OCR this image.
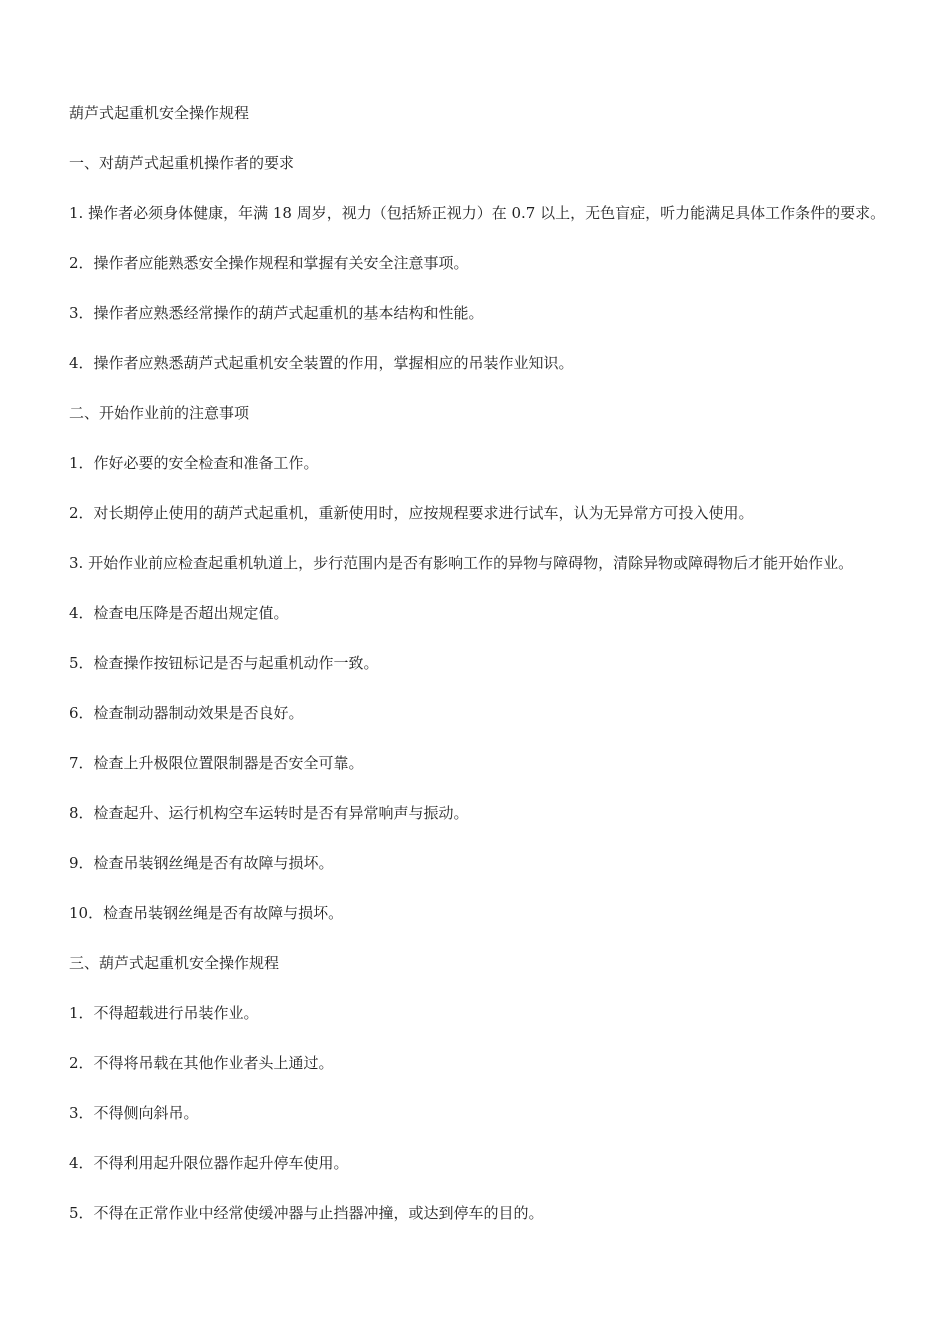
葫芦式起重机安全操作规程

一、对葫芦式起重机操作者的要求

1. 操作者必须身体健康，年满 18 周岁，视力（包括矫正视力）在 0.7 以上，无色盲症，听力能满足具体工作条件的要求。

2．操作者应能熟悉安全操作规程和掌握有关安全注意事项。

3．操作者应熟悉经常操作的葫芦式起重机的基本结构和性能。

4．操作者应熟悉葫芦式起重机安全装置的作用，掌握相应的吊装作业知识。

二、开始作业前的注意事项

1．作好必要的安全检查和准备工作。

2．对长期停止使用的葫芦式起重机，重新使用时，应按规程要求进行试车，认为无异常方可投入使用。

3. 开始作业前应检查起重机轨道上，步行范围内是否有影响工作的异物与障碍物，清除异物或障碍物后才能开始作业。

4．检查电压降是否超出规定值。

5．检查操作按钮标记是否与起重机动作一致。

6．检查制动器制动效果是否良好。

7．检查上升极限位置限制器是否安全可靠。

8．检查起升、运行机构空车运转时是否有异常响声与振动。

9．检查吊装钢丝绳是否有故障与损坏。

10．检查吊装钢丝绳是否有故障与损坏。

三、葫芦式起重机安全操作规程

1．不得超载进行吊装作业。

2．不得将吊载在其他作业者头上通过。

3．不得侧向斜吊。

4．不得利用起升限位器作起升停车使用。

5．不得在正常作业中经常使缓冲器与止挡器冲撞，或达到停车的目的。
